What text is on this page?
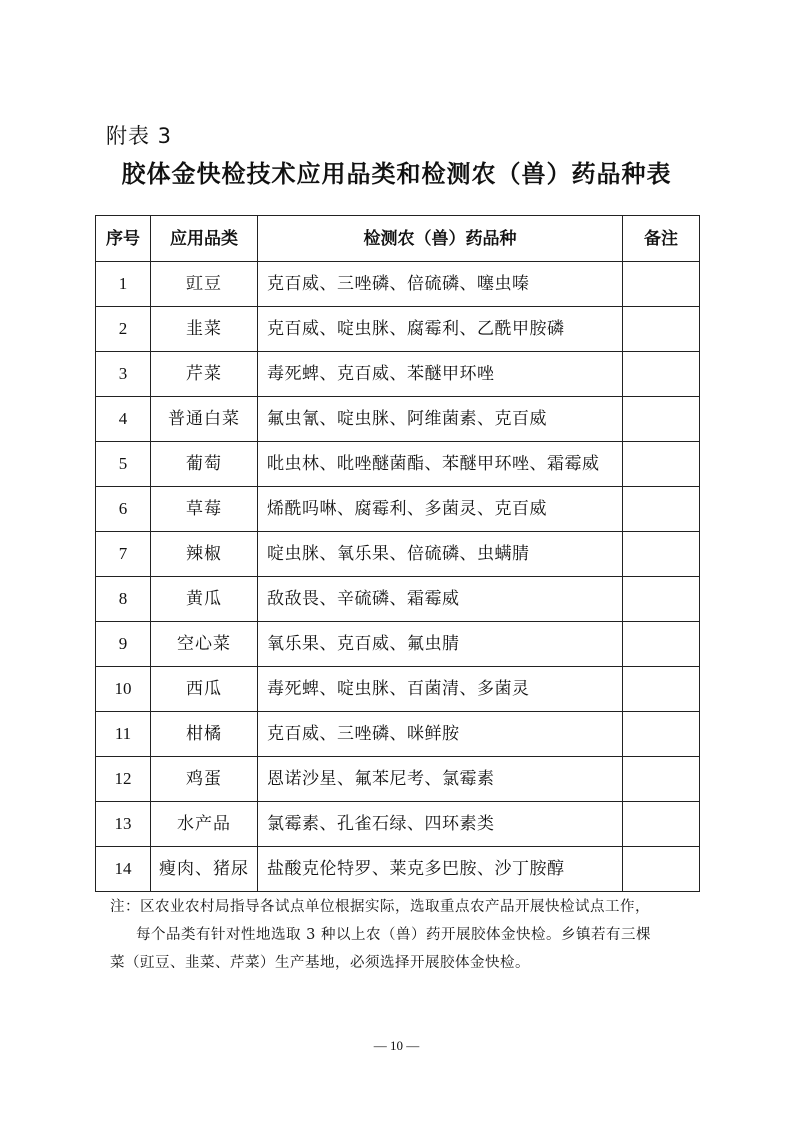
附表 3
胶体金快检技术应用品类和检测农（兽）药品种表
序号	应用品类	检测农（兽）药品种	备注
1	豇豆	克百威、三唑磷、倍硫磷、噻虫嗪	
2	韭菜	克百威、啶虫脒、腐霉利、乙酰甲胺磷	
3	芹菜	毒死蜱、克百威、苯醚甲环唑	
4	普通白菜	氟虫氰、啶虫脒、阿维菌素、克百威	
5	葡萄	吡虫林、吡唑醚菌酯、苯醚甲环唑、霜霉威	
6	草莓	烯酰吗啉、腐霉利、多菌灵、克百威	
7	辣椒	啶虫脒、氧乐果、倍硫磷、虫螨腈	
8	黄瓜	敌敌畏、辛硫磷、霜霉威	
9	空心菜	氧乐果、克百威、氟虫腈	
10	西瓜	毒死蜱、啶虫脒、百菌清、多菌灵	
11	柑橘	克百威、三唑磷、咪鲜胺	
12	鸡蛋	恩诺沙星、氟苯尼考、氯霉素	
13	水产品	氯霉素、孔雀石绿、四环素类	
14	瘦肉、猪尿	盐酸克伦特罗、莱克多巴胺、沙丁胺醇	
注：区农业农村局指导各试点单位根据实际，选取重点农产品开展快检试点工作，
每个品类有针对性地选取 3 种以上农（兽）药开展胶体金快检。乡镇若有三棵
菜（豇豆、韭菜、芹菜）生产基地，必须选择开展胶体金快检。
— 10 —
